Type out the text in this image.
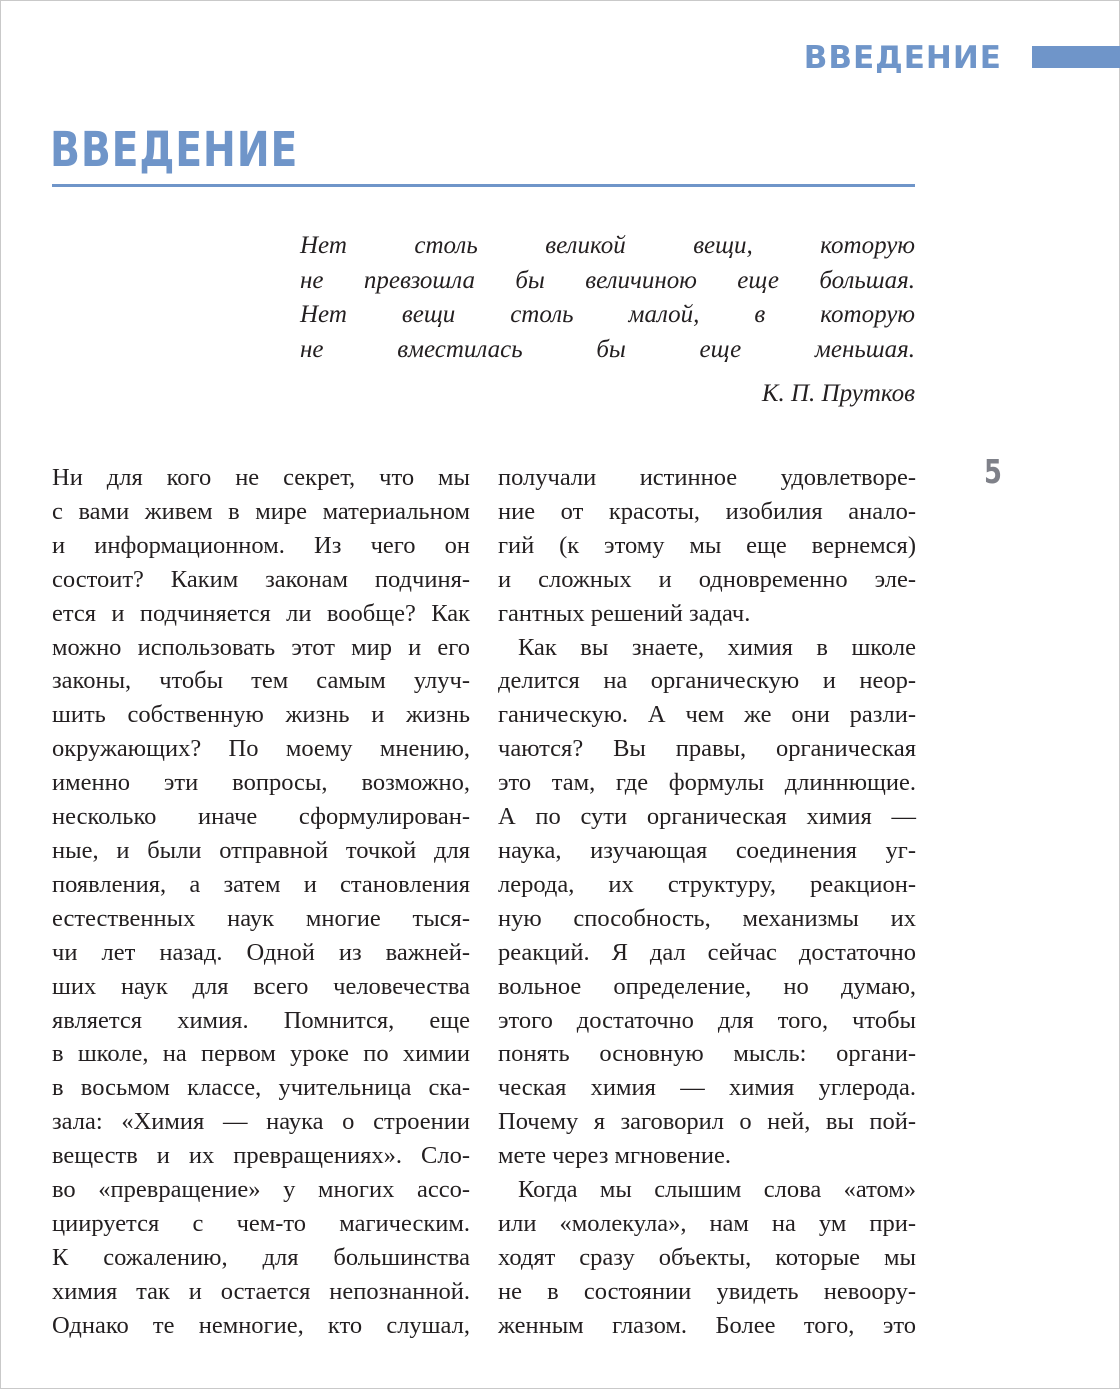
ВВЕДЕНИЕ
ВВЕДЕНИЕ
5
Нет столь великой вещи, которую
не превзошла бы величиною еще большая.
Нет вещи столь малой, в которую
не вместилась бы еще меньшая.
К. П. Прутков
Ни для кого не секрет, что мы
с вами живем в мире материальном
и информационном. Из чего он
состоит? Каким законам подчиня-
ется и подчиняется ли вообще? Как
можно использовать этот мир и его
законы, чтобы тем самым улуч-
шить собственную жизнь и жизнь
окружающих? По моему мнению,
именно эти вопросы, возможно,
несколько иначе сформулирован-
ные, и были отправной точкой для
появления, а затем и становления
естественных наук многие тыся-
чи лет назад. Одной из важней-
ших наук для всего человечества
является химия. Помнится, еще
в школе, на первом уроке по химии
в восьмом классе, учительница ска-
зала: «Химия — наука о строении
веществ и их превращениях». Сло-
во «превращение» у многих ассо-
циируется с чем-то магическим.
К сожалению, для большинства
химия так и остается непознанной.
Однако те немногие, кто слушал,
получали истинное удовлетворе-
ние от красоты, изобилия анало-
гий (к этому мы еще вернемся)
и сложных и одновременно эле-
гантных решений задач.
Как вы знаете, химия в школе
делится на органическую и неор-
ганическую. А чем же они разли-
чаются? Вы правы, органическая
это там, где формулы длиннющие.
А по сути органическая химия —
наука, изучающая соединения уг-
лерода, их структуру, реакцион-
ную способность, механизмы их
реакций. Я дал сейчас достаточно
вольное определение, но думаю,
этого достаточно для того, чтобы
понять основную мысль: органи-
ческая химия — химия углерода.
Почему я заговорил о ней, вы пой-
мете через мгновение.
Когда мы слышим слова «атом»
или «молекула», нам на ум при-
ходят сразу объекты, которые мы
не в состоянии увидеть невоору-
женным глазом. Более того, это
